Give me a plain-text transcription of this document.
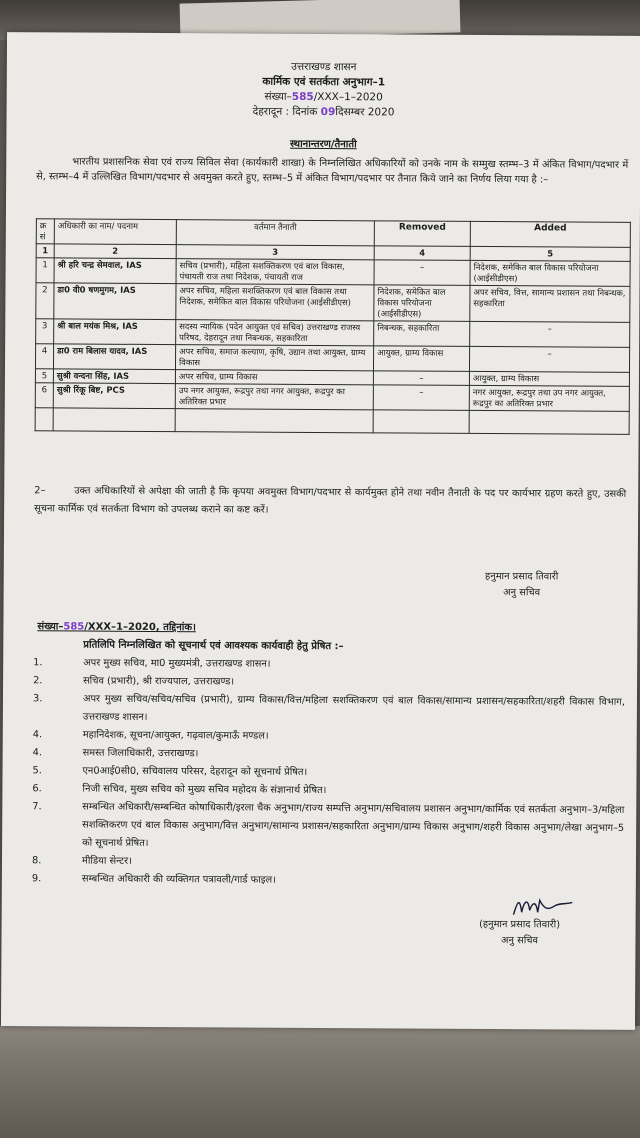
उत्तराखण्ड शासन
कार्मिक एवं सतर्कता अनुभाग–1
संख्या–585/XXX–1–2020
देहरादून : दिनांक 09दिसम्बर 2020
स्थानान्तरण/तैनाती
भारतीय प्रशासनिक सेवा एवं राज्य सिविल सेवा (कार्यकारी शाखा) के निम्नलिखित अधिकारियों को उनके नाम के सम्मुख स्तम्भ–3 में अंकित विभाग/पदभार में से, स्तम्भ–4 में उल्लिखित विभाग/पदभार से अवमुक्त करते हुए, स्तम्भ–5 में अंकित विभाग/पदभार पर तैनात किये जाने का निर्णय लिया गया है :–
क्र सं	अधिकारी का नाम/ पदनाम	वर्तमान तैनाती	Removed	Added
1	2	3	4	5
1	श्री हरि चन्द्र सेमवाल, IAS	सचिव (प्रभारी), महिला सशक्तिकरण एवं बाल विकास, पंचायती राज तथा निदेशक, पंचायती राज	–	निदेशक, समेकित बाल विकास परियोजना (आईसीडीएस)
2	डा0 वी0 षणमुगम, IAS	अपर सचिव, महिला सशक्तिकरण एवं बाल विकास तथा निदेशक, समेकित बाल विकास परियोजना (आईसीडीएस)	निदेशक, समेकित बाल विकास परियोजना (आईसीडीएस)	अपर सचिव, वित्त, सामान्य प्रशासन तथा निबन्धक, सहकारिता
3	श्री बाल मयंक मिश्र, IAS	सदस्य न्यायिक (पदेन आयुक्त एवं सचिव) उत्तराखण्ड राजस्व परिषद, देहरादून तथा निबन्धक, सहकारिता	निबन्धक, सहकारिता	–
4	डा0 राम बिलास यादव, IAS	अपर सचिव, समाज कल्याण, कृषि, उद्यान तथा आयुक्त, ग्राम्य विकास	आयुक्त, ग्राम्य विकास	–
5	सुश्री वन्दना सिंह, IAS	अपर सचिव, ग्राम्य विकास	–	आयुक्त, ग्राम्य विकास
6	सुश्री रिंकू बिष्ट, PCS	उप नगर आयुक्त, रूद्रपुर तथा नगर आयुक्त, रूद्रपुर का अतिरिक्त प्रभार	–	नगर आयुक्त, रूद्रपुर तथा उप नगर आयुक्त, रूद्रपुर का अतिरिक्त प्रभार

2–	उक्त अधिकारियों से अपेक्षा की जाती है कि कृपया अवमुक्त विभाग/पदभार से कार्यमुक्त होने तथा नवीन तैनाती के पद पर कार्यभार ग्रहण करते हुए, उसकी सूचना कार्मिक एवं सतर्कता विभाग को उपलब्ध कराने का कष्ट करें।
हनुमान प्रसाद तिवारी
अनु सचिव
संख्या–585/XXX–1–2020, तद्दिनांक।
प्रतिलिपि निम्नलिखित को सूचनार्थ एवं आवश्यक कार्यवाही हेतु प्रेषित :–
1.	अपर मुख्य सचिव, मा0 मुख्यमंत्री, उत्तराखण्ड शासन।
2.	सचिव (प्रभारी), श्री राज्यपाल, उत्तराखण्ड।
3.	अपर मुख्य सचिव/सचिव/सचिव (प्रभारी), ग्राम्य विकास/वित्त/महिला सशक्तिकरण एवं बाल विकास/सामान्य प्रशासन/सहकारिता/शहरी विकास विभाग, उत्तराखण्ड शासन।
4.	महानिदेशक, सूचना/आयुक्त, गढ़वाल/कुमाऊँ मण्डल।
4.	समस्त जिलाधिकारी, उत्तराखण्ड।
5.	एन0आई0सी0, सचिवालय परिसर, देहरादून को सूचनार्थ प्रेषित।
6.	निजी सचिव, मुख्य सचिव को मुख्य सचिव महोदय के संज्ञानार्थ प्रेषित।
7.	सम्बन्धित अधिकारी/सम्बन्धित कोषाधिकारी/इरला चैक अनुभाग/राज्य सम्पत्ति अनुभाग/सचिवालय प्रशासन अनुभाग/कार्मिक एवं सतर्कता अनुभाग–3/महिला सशक्तिकरण एवं बाल विकास अनुभाग/वित्त अनुभाग/सामान्य प्रशासन/सहकारिता अनुभाग/ग्राम्य विकास अनुभाग/शहरी विकास अनुभाग/लेखा अनुभाग–5 को सूचनार्थ प्रेषित।
8.	मीडिया सेन्टर।
9.	सम्बन्धित अधिकारी की व्यक्तिगत पत्रावली/गार्ड फाइल।
(हनुमान प्रसाद तिवारी)
अनु सचिव
